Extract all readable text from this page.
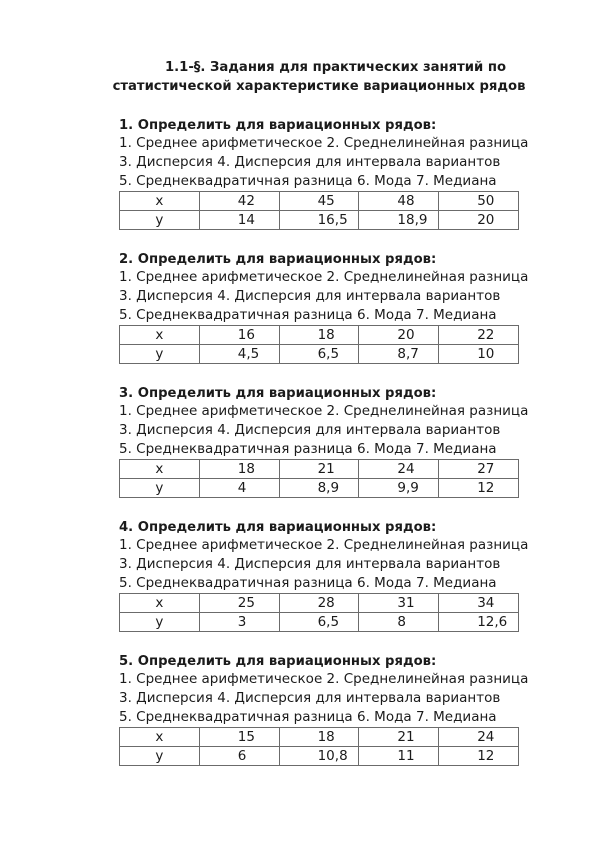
1.1-§. Задания для практических занятий по
статистической характеристике вариационных рядов
1. Определить для вариационных рядов:
1. Среднее арифметическое 2. Среднелинейная разница
3. Дисперсия 4. Дисперсия для интервала вариантов
5. Среднеквадратичная разница 6. Мода 7. Медиана
x	42	45	48	50
y	14	16,5	18,9	20
2. Определить для вариационных рядов:
1. Среднее арифметическое 2. Среднелинейная разница
3. Дисперсия 4. Дисперсия для интервала вариантов
5. Среднеквадратичная разница 6. Мода 7. Медиана
x	16	18	20	22
y	4,5	6,5	8,7	10
3. Определить для вариационных рядов:
1. Среднее арифметическое 2. Среднелинейная разница
3. Дисперсия 4. Дисперсия для интервала вариантов
5. Среднеквадратичная разница 6. Мода 7. Медиана
x	18	21	24	27
y	4	8,9	9,9	12
4. Определить для вариационных рядов:
1. Среднее арифметическое 2. Среднелинейная разница
3. Дисперсия 4. Дисперсия для интервала вариантов
5. Среднеквадратичная разница 6. Мода 7. Медиана
x	25	28	31	34
y	3	6,5	8	12,6
5. Определить для вариационных рядов:
1. Среднее арифметическое 2. Среднелинейная разница
3. Дисперсия 4. Дисперсия для интервала вариантов
5. Среднеквадратичная разница 6. Мода 7. Медиана
x	15	18	21	24
y	6	10,8	11	12
